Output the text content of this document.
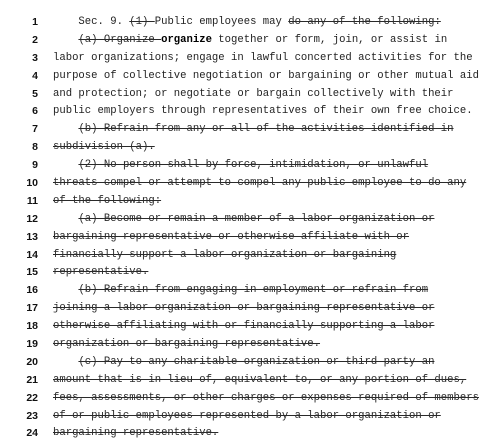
1 Sec. 9. (1) Public employees may do any of the following:
2	(a) Organize organize together or form, join, or assist in
3 labor organizations; engage in lawful concerted activities for the
4 purpose of collective negotiation or bargaining or other mutual aid
5 and protection; or negotiate or bargain collectively with their
6 public employers through representatives of their own free choice.
7	(b) Refrain from any or all of the activities identified in
8 subdivision (a).
9	(2) No person shall by force, intimidation, or unlawful
10 threats compel or attempt to compel any public employee to do any
11 of the following:
12	(a) Become or remain a member of a labor organization or
13 bargaining representative or otherwise affiliate with or
14 financially support a labor organization or bargaining
15 representative.
16	(b) Refrain from engaging in employment or refrain from
17 joining a labor organization or bargaining representative or
18 otherwise affiliating with or financially supporting a labor
19 organization or bargaining representative.
20	(c) Pay to any charitable organization or third party an
21 amount that is in lieu of, equivalent to, or any portion of dues,
22 fees, assessments, or other charges or expenses required of members
23 of or public employees represented by a labor organization or
24 bargaining representative.
